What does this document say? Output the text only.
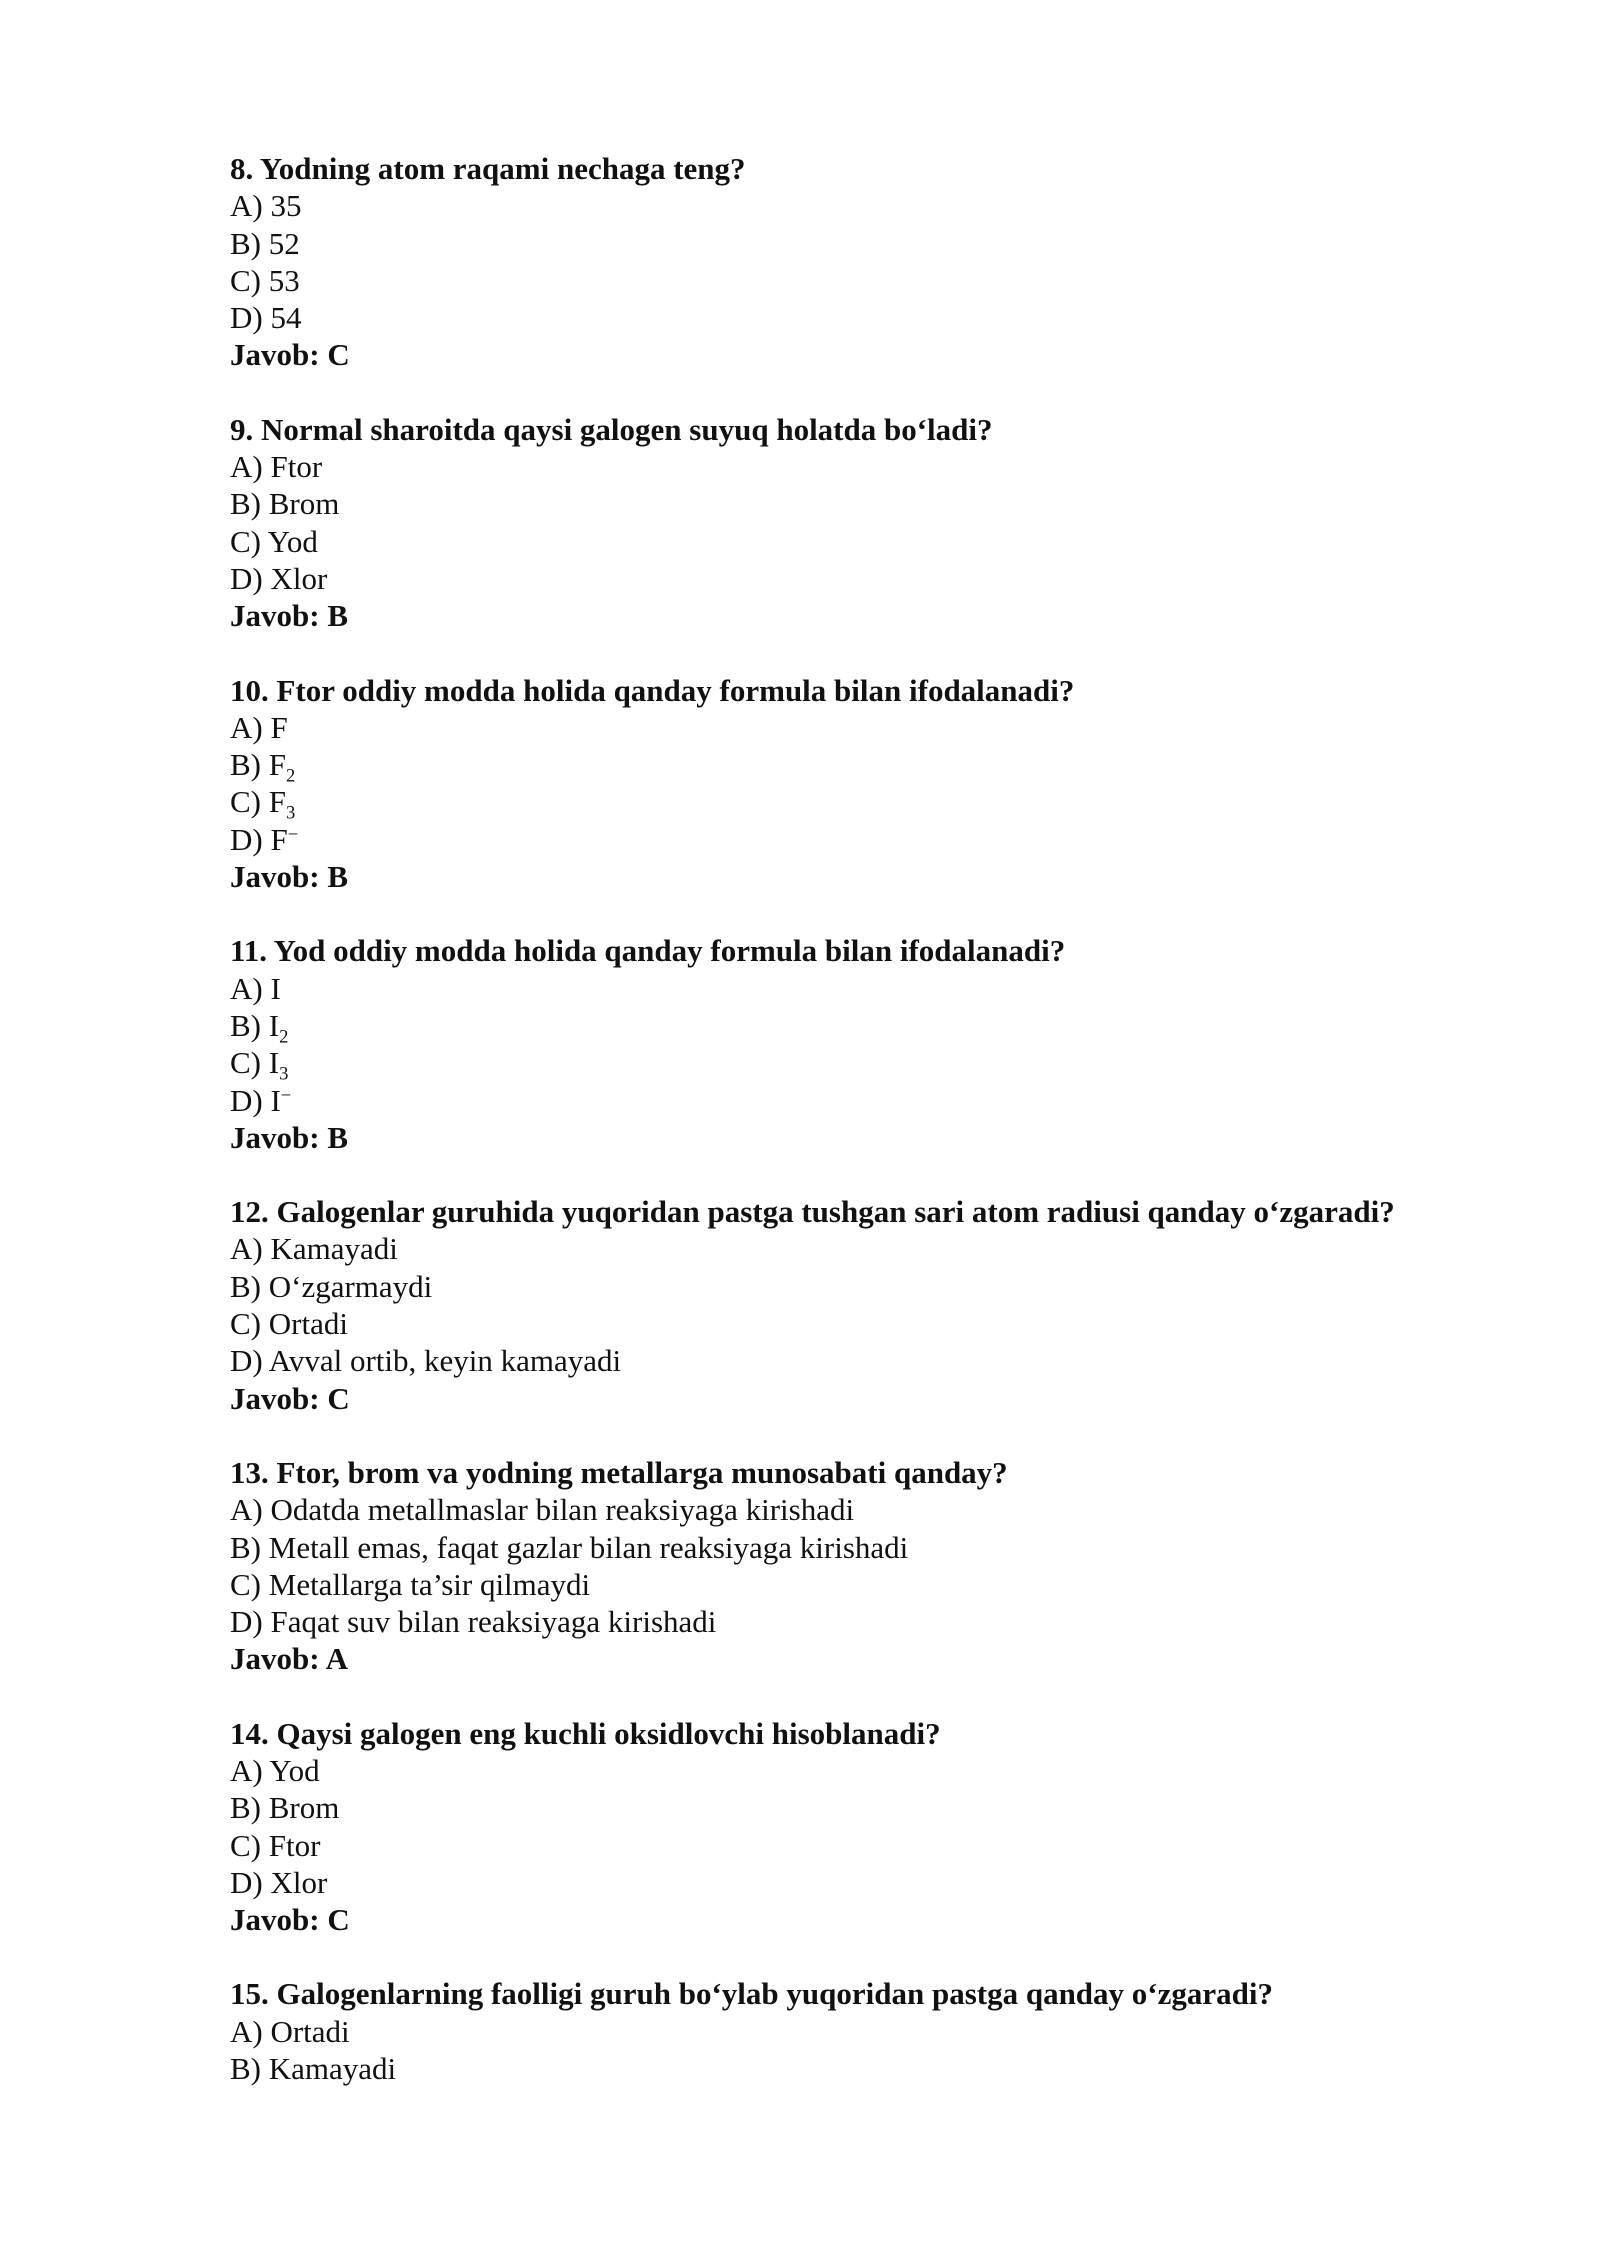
8. Yodning atom raqami nechaga teng?
A) 35
B) 52
C) 53
D) 54
Javob: C
9. Normal sharoitda qaysi galogen suyuq holatda bo‘ladi?
A) Ftor
B) Brom
C) Yod
D) Xlor
Javob: B
10. Ftor oddiy modda holida qanday formula bilan ifodalanadi?
A) F
B) $F_2$
C) $F_3$
D) F−
Javob: B
11. Yod oddiy modda holida qanday formula bilan ifodalanadi?
A) I
B) $I_2$
C) $I_3$
D) I−
Javob: B
12. Galogenlar guruhida yuqoridan pastga tushgan sari atom radiusi qanday o‘zgaradi?
A) Kamayadi
B) O‘zgarmaydi
C) Ortadi
D) Avval ortib, keyin kamayadi
Javob: C
13. Ftor, brom va yodning metallarga munosabati qanday?
A) Odatda metallmaslar bilan reaksiyaga kirishadi
B) Metall emas, faqat gazlar bilan reaksiyaga kirishadi
C) Metallarga ta’sir qilmaydi
D) Faqat suv bilan reaksiyaga kirishadi
Javob: A
14. Qaysi galogen eng kuchli oksidlovchi hisoblanadi?
A) Yod
B) Brom
C) Ftor
D) Xlor
Javob: C
15. Galogenlarning faolligi guruh bo‘ylab yuqoridan pastga qanday o‘zgaradi?
A) Ortadi
B) Kamayadi
